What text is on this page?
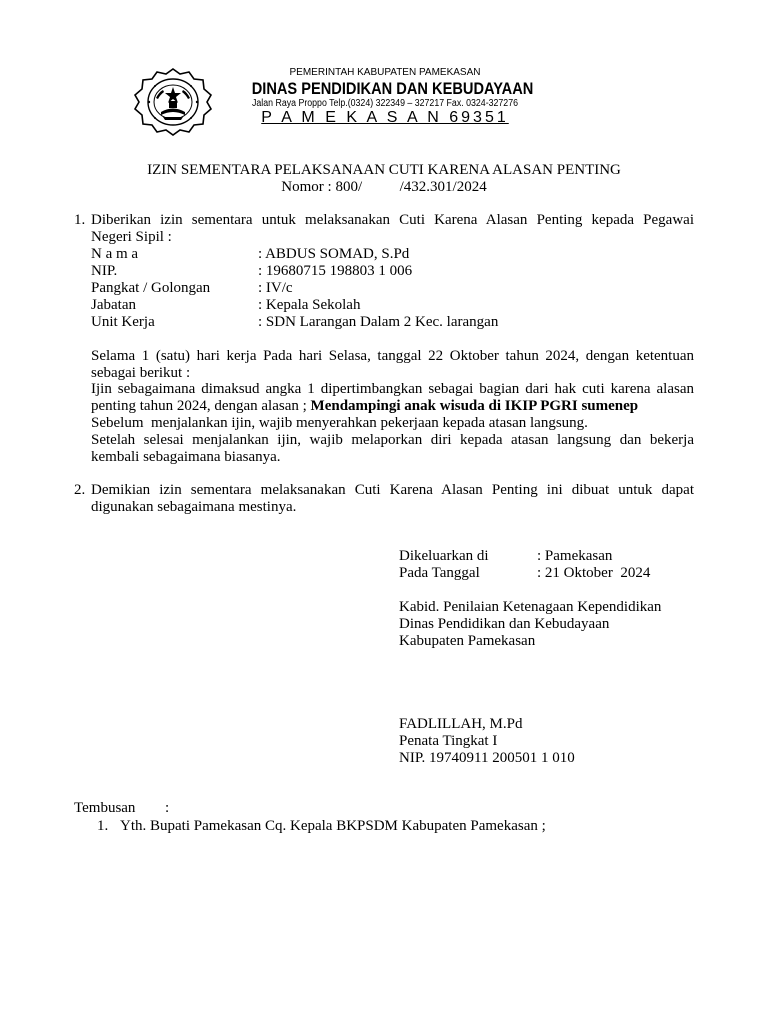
PEMERINTAH KABUPATEN PAMEKASAN
DINAS PENDIDIKAN DAN KEBUDAYAAN
Jalan Raya Proppo Telp.(0324) 322349 – 327217 Fax. 0324-327276
P A M E K A S A N 69351
IZIN SEMENTARA PELAKSANAAN CUTI KARENA ALASAN PENTING
Nomor : 800/          /432.301/2024
1. Diberikan izin sementara untuk melaksanakan Cuti Karena Alasan Penting kepada Pegawai
Negeri Sipil :
N a m a	: ABDUS SOMAD, S.Pd
NIP.	: 19680715 198803 1 006
Pangkat / Golongan	: IV/c
Jabatan	: Kepala Sekolah
Unit Kerja	: SDN Larangan Dalam 2 Kec. larangan
Selama 1 (satu) hari kerja Pada hari Selasa, tanggal 22 Oktober tahun 2024, dengan ketentuan
sebagai berikut :
Ijin sebagaimana dimaksud angka 1 dipertimbangkan sebagai bagian dari hak cuti karena alasan
penting tahun 2024, dengan alasan ; Mendampingi anak wisuda di IKIP PGRI sumenep
Sebelum  menjalankan ijin, wajib menyerahkan pekerjaan kepada atasan langsung.
Setelah selesai menjalankan ijin, wajib melaporkan diri kepada atasan langsung dan bekerja
kembali sebagaimana biasanya.
2. Demikian izin sementara melaksanakan Cuti Karena Alasan Penting ini dibuat untuk dapat
digunakan sebagaimana mestinya.
Dikeluarkan di	: Pamekasan
Pada Tanggal	: 21 Oktober  2024
Kabid. Penilaian Ketenagaan Kependidikan
Dinas Pendidikan dan Kebudayaan
Kabupaten Pamekasan
FADLILLAH, M.Pd
Penata Tingkat I
NIP. 19740911 200501 1 010
Tembusan :
1. Yth. Bupati Pamekasan Cq. Kepala BKPSDM Kabupaten Pamekasan ;
